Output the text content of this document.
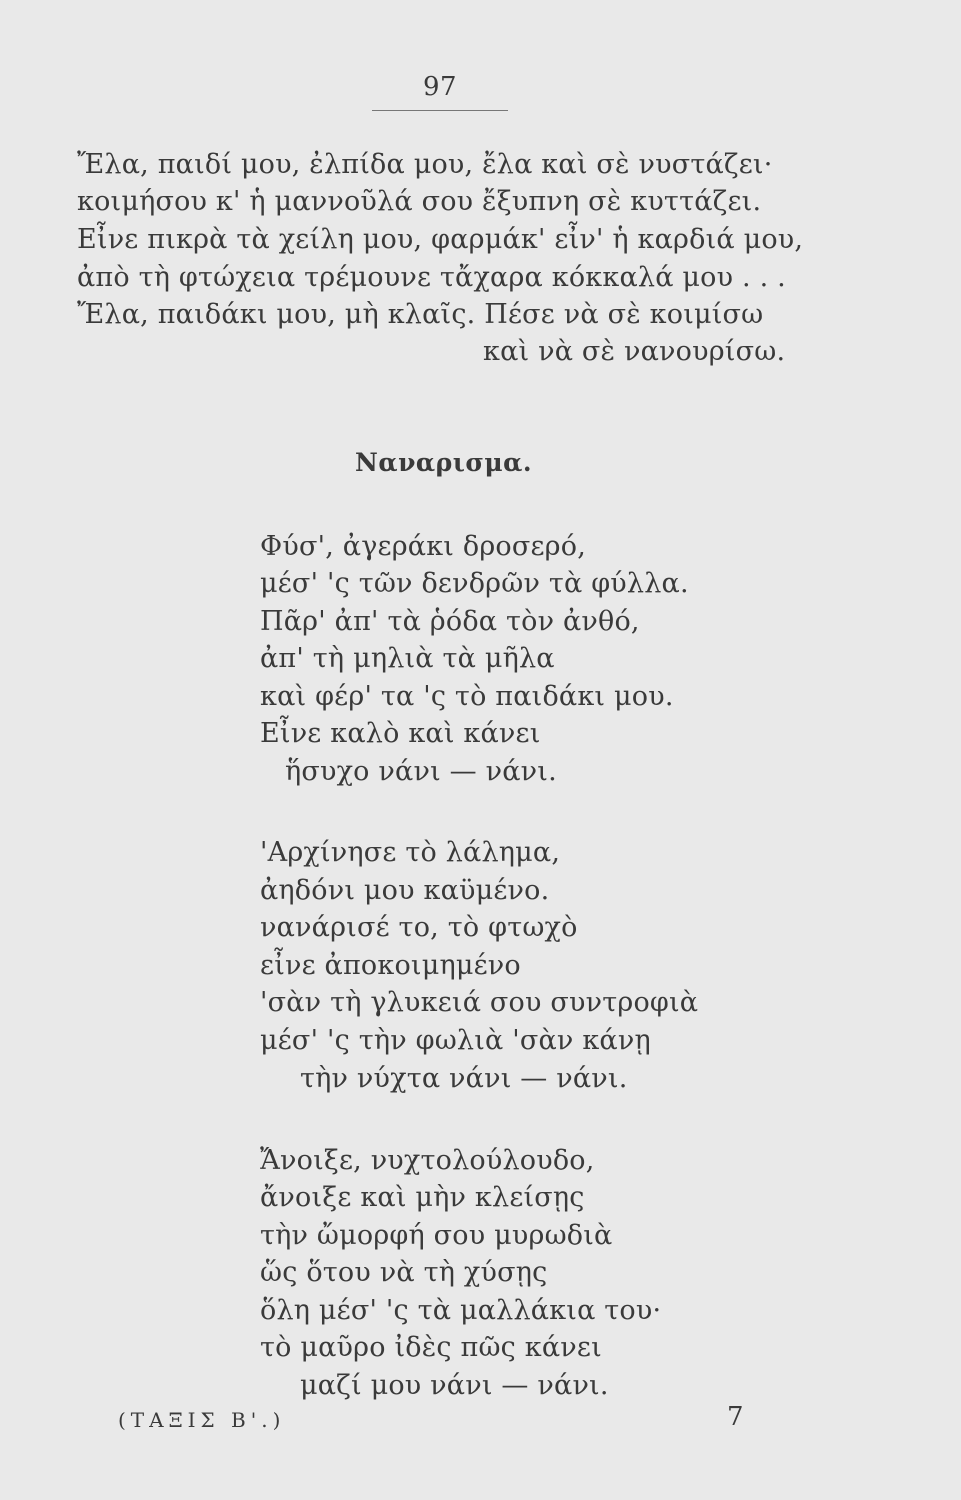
97
Ἔλα, παιδί μου, ἐλπίδα μου, ἔλα καὶ σὲ νυστάζει·
κοιμήσου κ' ἡ μαννοῦλά σου ἔξυπνη σὲ κυττάζει.
Εἶνε πικρὰ τὰ χείλη μου, φαρμάκ' εἶν' ἡ καρδιά μου,
ἀπὸ τὴ φτώχεια τρέμουνε τἄχαρα κόκκαλά μου . . .
Ἔλα, παιδάκι μου, μὴ κλαῖς. Πέσε νὰ σὲ κοιμίσω
καὶ νὰ σὲ νανουρίσω.
Ναναρισμα.
Φύσ', ἀγεράκι δροσερό,
μέσ' 'ς τῶν δενδρῶν τὰ φύλλα.
Πᾶρ' ἀπ' τὰ ῥόδα τὸν ἀνθό,
ἀπ' τὴ μηλιὰ τὰ μῆλα
καὶ φέρ' τα 'ς τὸ παιδάκι μου.
Εἶνε καλὸ καὶ κάνει
ἥσυχο νάνι — νάνι.
'Αρχίνησε τὸ λάλημα,
ἀηδόνι μου καϋμένο.
νανάρισέ το, τὸ φτωχὸ
εἶνε ἀποκοιμημένο
'σὰν τὴ γλυκειά σου συντροφιὰ
μέσ' 'ς τὴν φωλιὰ 'σὰν κάνῃ
τὴν νύχτα νάνι — νάνι.
Ἄνοιξε, νυχτολούλουδο,
ἄνοιξε καὶ μὴν κλείσῃς
τὴν ὤμορφή σου μυρωδιὰ
ὥς ὅτου νὰ τὴ χύσῃς
ὅλη μέσ' 'ς τὰ μαλλάκια του·
τὸ μαῦρο ἰδὲς πῶς κάνει
μαζί μου νάνι — νάνι.
(ΤΑΞΙΣ Β'.)	7
